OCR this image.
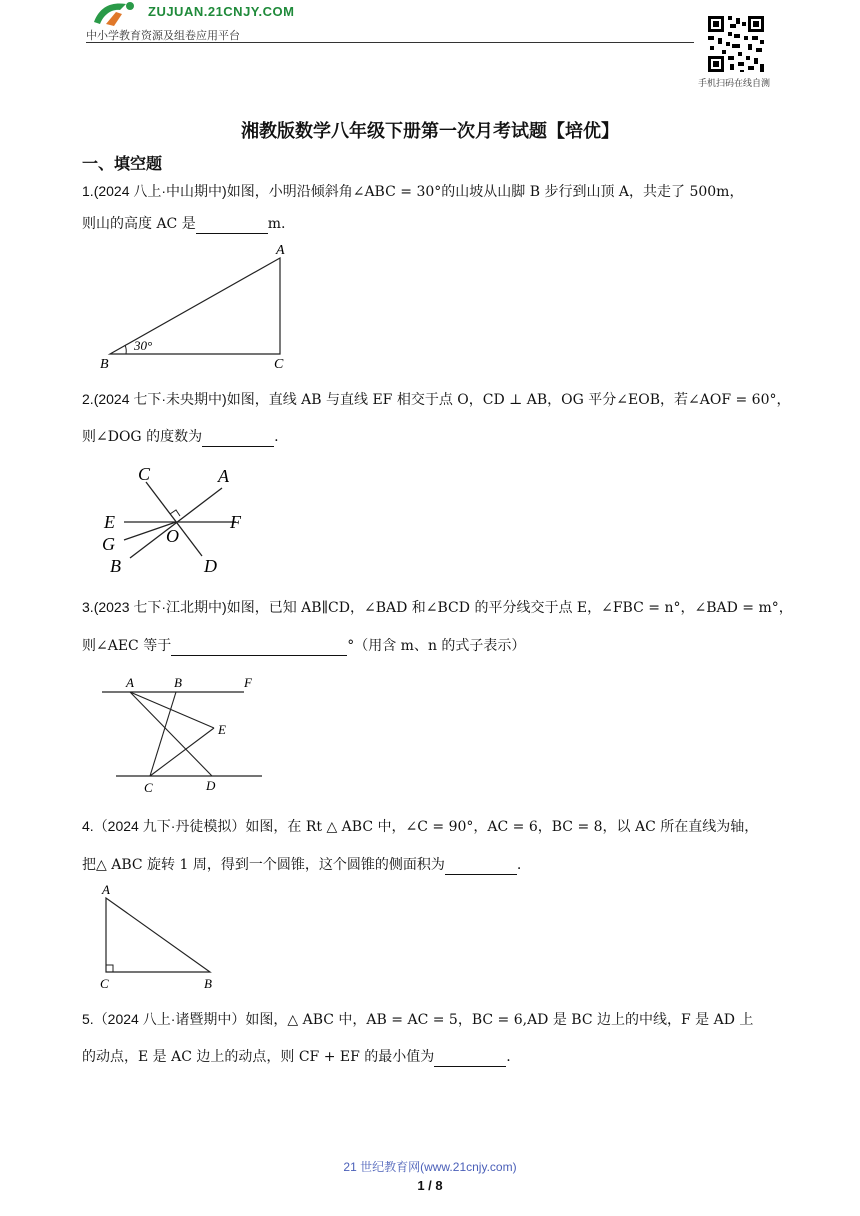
ZUJUAN.21CNJY.COM
中小学教育资源及组卷应用平台
手机扫码在线自测
湘教版数学八年级下册第一次月考试题【培优】
一、填空题
1.(2024 八上·中山期中)如图，小明沿倾斜角∠ABC = 30°的山坡从山脚 B 步行到山顶 A，共走了 500m，
则山的高度 AC 是	m.
A
B	C
30°
2.(2024 七下·未央期中)如图，直线 AB 与直线 EF 相交于点 O，CD ⊥ AB，OG 平分∠EOB，若∠AOF = 60°，
则∠DOG 的度数为	.
C	A
E	F
G	O
B	D
3.(2023 七下·江北期中)如图，已知 AB∥CD，∠BAD 和∠BCD 的平分线交于点 E，∠FBC = n°，∠BAD = m°，
则∠AEC 等于	°（用含 m、n 的式子表示）
A	B	F
E
C	D
4.（2024 九下·丹徒模拟）如图，在 Rt △ ABC 中，∠C = 90°，AC = 6，BC = 8，以 AC 所在直线为轴，
把△ ABC 旋转 1 周，得到一个圆锥，这个圆锥的侧面积为	.
A
C	B
5.（2024 八上·诸暨期中）如图，△ ABC 中，AB = AC = 5，BC = 6,AD 是 BC 边上的中线，F 是 AD 上
的动点，E 是 AC 边上的动点，则 CF + EF 的最小值为	.
21 世纪教育网(www.21cnjy.com)
1 / 8
